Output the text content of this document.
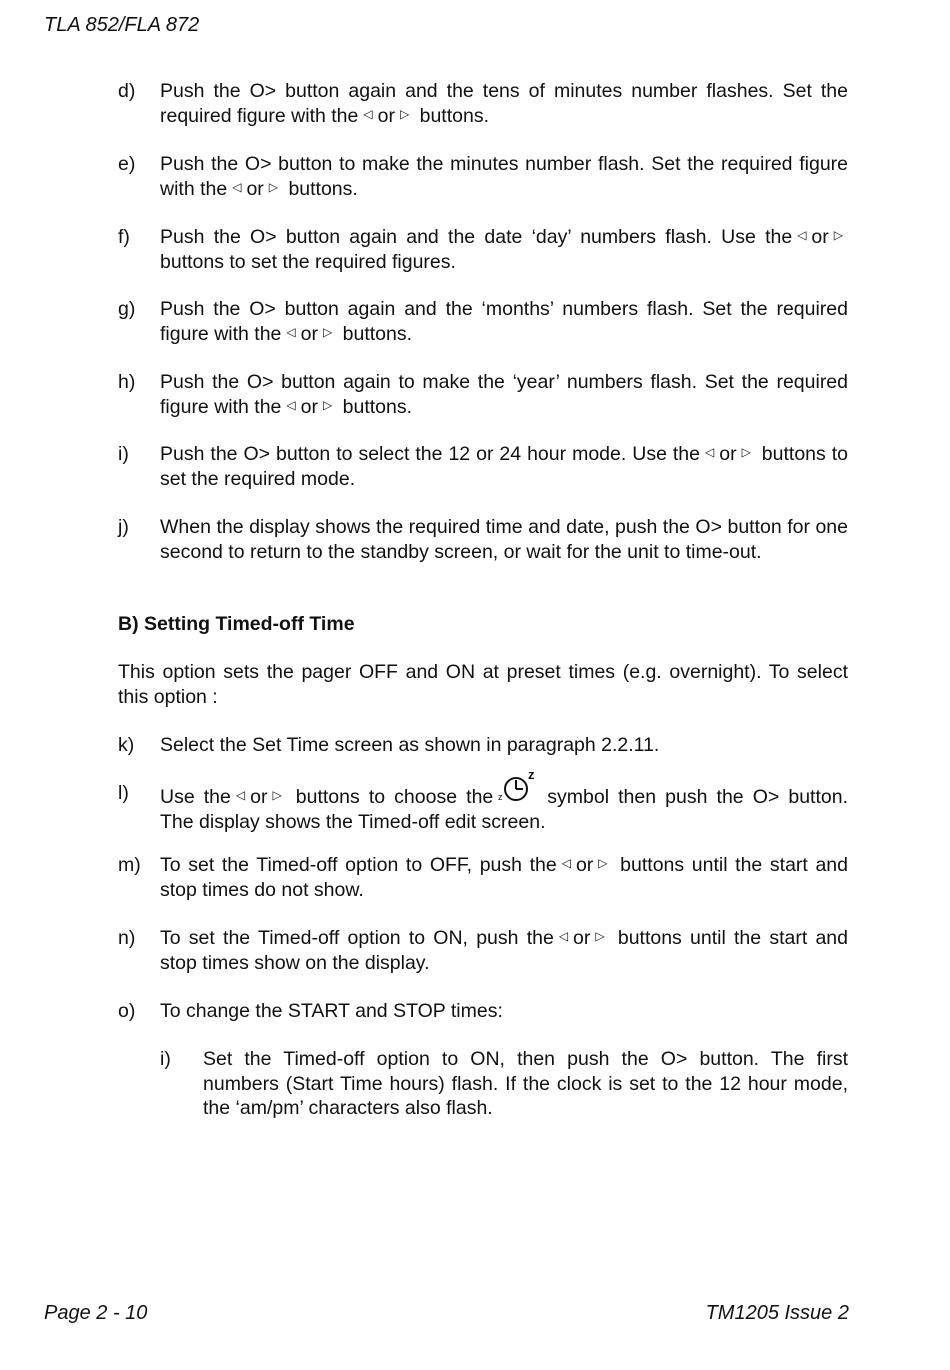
TLA 852/FLA 872
d) Push the O> button again and the tens of minutes number flashes. Set the required figure with the ◁ or ▷ buttons.
e) Push the O> button to make the minutes number flash. Set the required figure with the ◁ or ▷ buttons.
f) Push the O> button again and the date ‘day’ numbers flash. Use the ◁ or ▷ buttons to set the required figures.
g) Push the O> button again and the ‘months’ numbers flash. Set the required figure with the ◁ or ▷ buttons.
h) Push the O> button again to make the ‘year’ numbers flash. Set the required figure with the ◁ or ▷ buttons.
i) Push the O> button to select the 12 or 24 hour mode. Use the ◁ or ▷ buttons to set the required mode.
j) When the display shows the required time and date, push the O> button for one second to return to the standby screen, or wait for the unit to time-out.
B) Setting Timed-off Time
This option sets the pager OFF and ON at preset times (e.g. overnight). To select this option :
k) Select the Set Time screen as shown in paragraph 2.2.11.
l) Use the ◁ or ▷ buttons to choose the z
z
symbol then push the O> button. The display shows the Timed-off edit screen.
m) To set the Timed-off option to OFF, push the ◁ or ▷ buttons until the start and stop times do not show.
n) To set the Timed-off option to ON, push the ◁ or ▷ buttons until the start and stop times show on the display.
o) To change the START and STOP times:
i) Set the Timed-off option to ON, then push the O> button. The first numbers (Start Time hours) flash. If the clock is set to the 12 hour mode, the ‘am/pm’ characters also flash.
Page 2 - 10	TM1205 Issue 2
